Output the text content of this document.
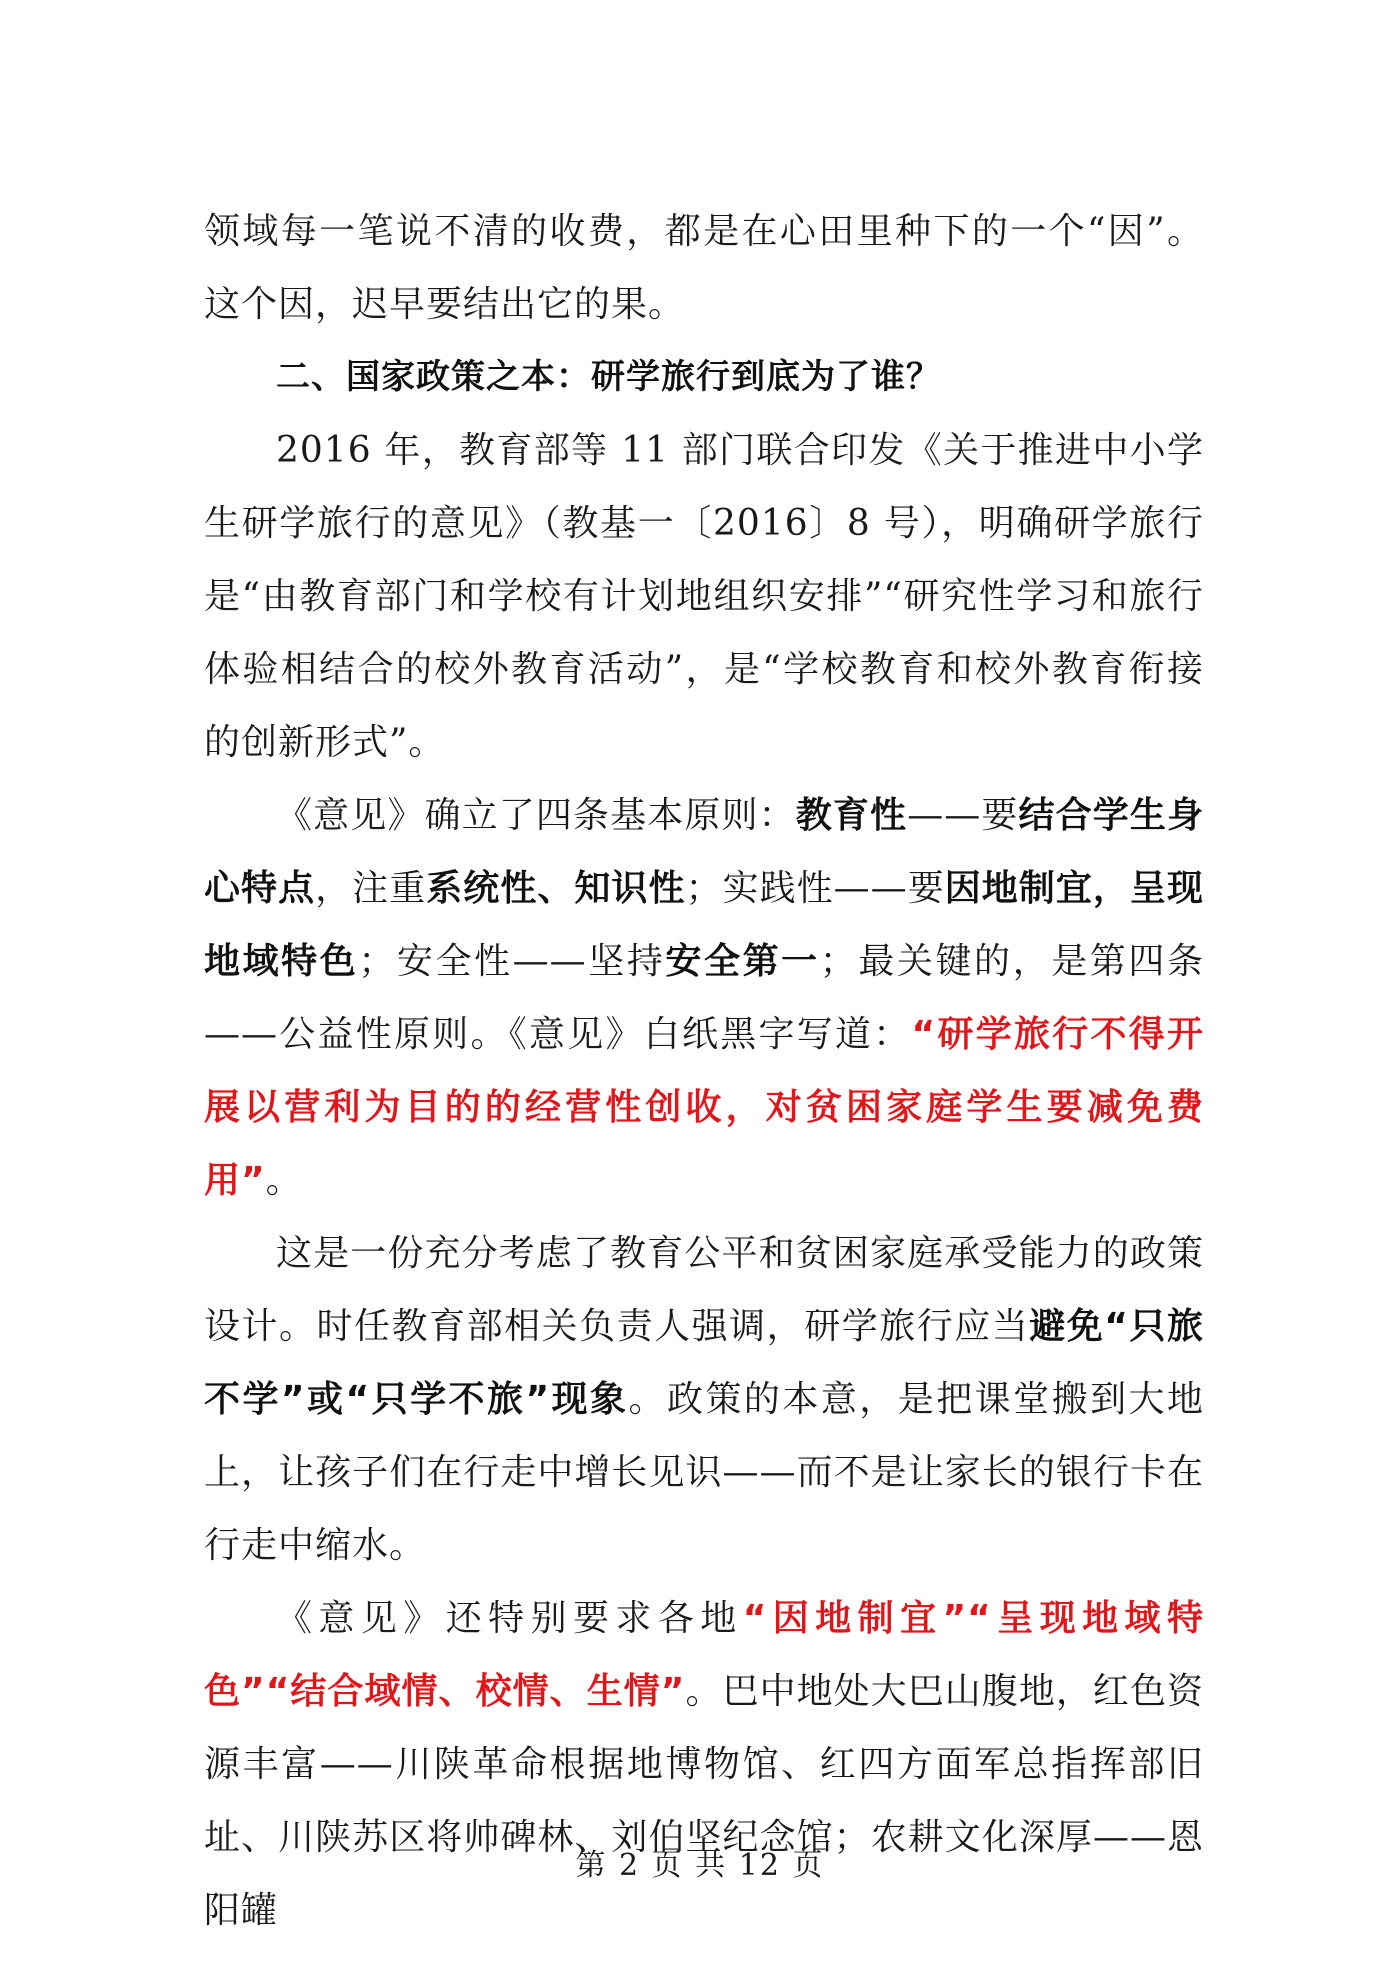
领域每一笔说不清的收费，都是在心田里种下的一个“因”。这个因，迟早要结出它的果。

二、国家政策之本：研学旅行到底为了谁？

2016 年，教育部等 11 部门联合印发《关于推进中小学生研学旅行的意见》（教基一〔2016〕8 号），明确研学旅行是“由教育部门和学校有计划地组织安排”“研究性学习和旅行体验相结合的校外教育活动”，是“学校教育和校外教育衔接的创新形式”。

《意见》确立了四条基本原则：教育性——要结合学生身心特点，注重系统性、知识性；实践性——要因地制宜，呈现地域特色；安全性——坚持安全第一；最关键的，是第四条——公益性原则。《意见》白纸黑字写道：“研学旅行不得开展以营利为目的的经营性创收，对贫困家庭学生要减免费用”。

这是一份充分考虑了教育公平和贫困家庭承受能力的政策设计。时任教育部相关负责人强调，研学旅行应当避免“只旅不学”或“只学不旅”现象。政策的本意，是把课堂搬到大地上，让孩子们在行走中增长见识——而不是让家长的银行卡在行走中缩水。

《意见》还特别要求各地“因地制宜”“呈现地域特色”“结合域情、校情、生情”。巴中地处大巴山腹地，红色资源丰富——川陕革命根据地博物馆、红四方面军总指挥部旧址、川陕苏区将帅碑林、刘伯坚纪念馆；农耕文化深厚——恩阳罐

第 2 页 共 12 页
